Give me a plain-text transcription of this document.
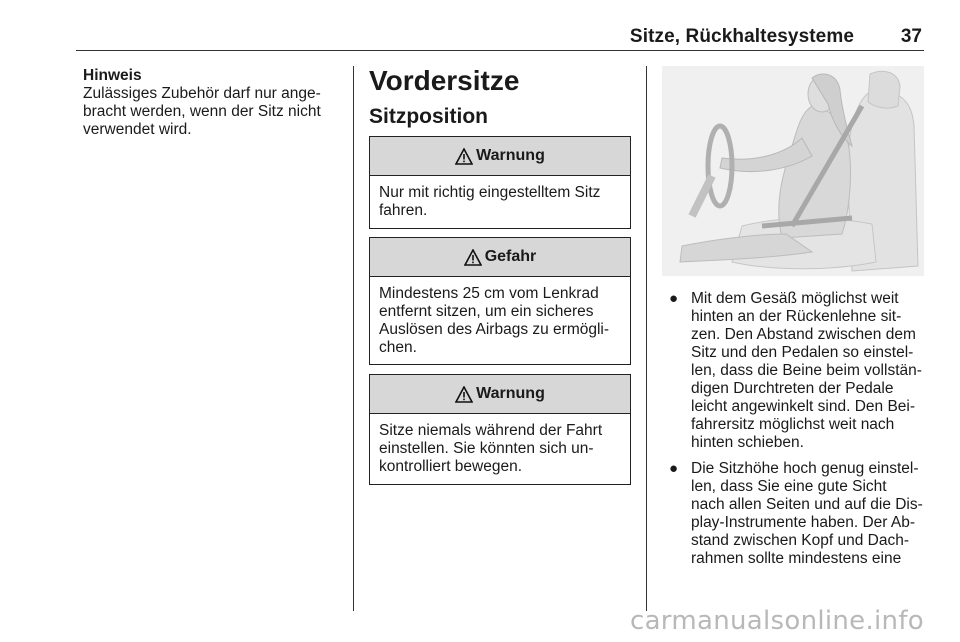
Sitze, Rückhaltesysteme 37
Hinweis
Zulässiges Zubehör darf nur ange-
bracht werden, wenn der Sitz nicht
verwendet wird.
Vordersitze
Sitzposition
Warnung
Nur mit richtig eingestelltem Sitz
fahren.
Gefahr
Mindestens 25 cm vom Lenkrad
entfernt sitzen, um ein sicheres
Auslösen des Airbags zu ermögli-
chen.
Warnung
Sitze niemals während der Fahrt
einstellen. Sie könnten sich un-
kontrolliert bewegen.
● Mit dem Gesäß möglichst weit
hinten an der Rückenlehne sit-
zen. Den Abstand zwischen dem
Sitz und den Pedalen so einstel-
len, dass die Beine beim vollstän-
digen Durchtreten der Pedale
leicht angewinkelt sind. Den Bei-
fahrersitz möglichst weit nach
hinten schieben.
● Die Sitzhöhe hoch genug einstel-
len, dass Sie eine gute Sicht
nach allen Seiten und auf die Dis-
play-Instrumente haben. Der Ab-
stand zwischen Kopf und Dach-
rahmen sollte mindestens eine
carmanualsonline.info
